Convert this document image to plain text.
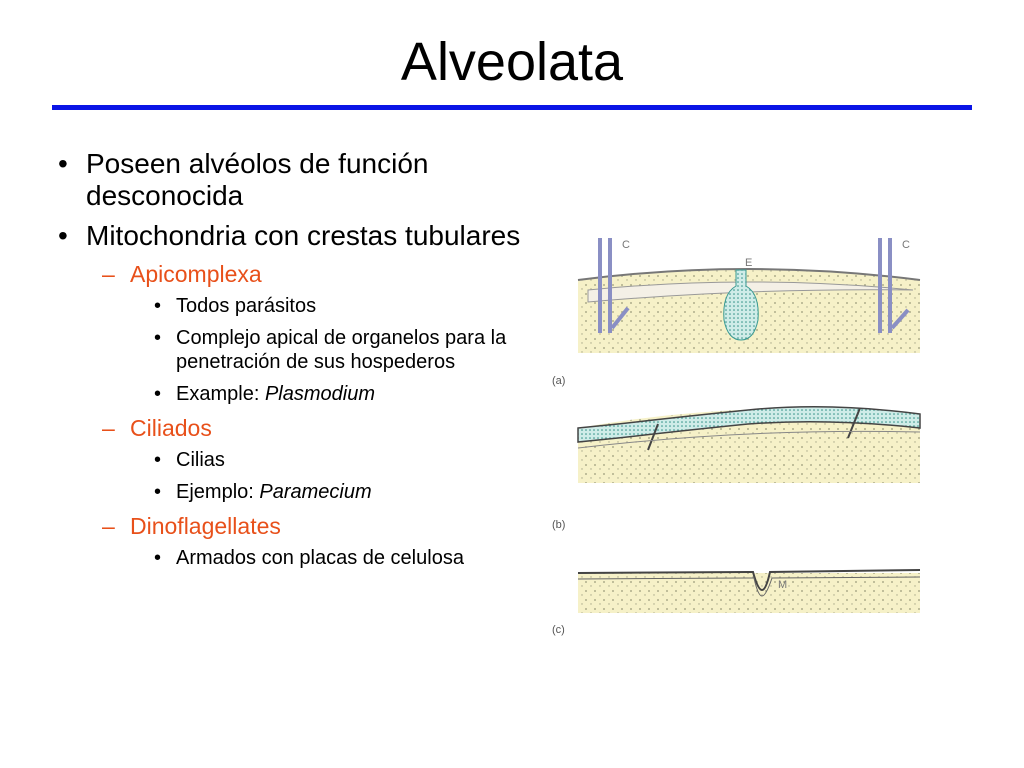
Alveolata
• Poseen alvéolos de función desconocida
• Mitochondria con crestas tubulares
– Apicomplexa
• Todos parásitos
• Complejo apical de organelos para la penetración de sus hospederos
• Example: Plasmodium
– Ciliados
• Cilias
• Ejemplo: Paramecium
– Dinoflagellates
• Armados con placas de celulosa
C	C
E
(a)
(b)
M
(c)
